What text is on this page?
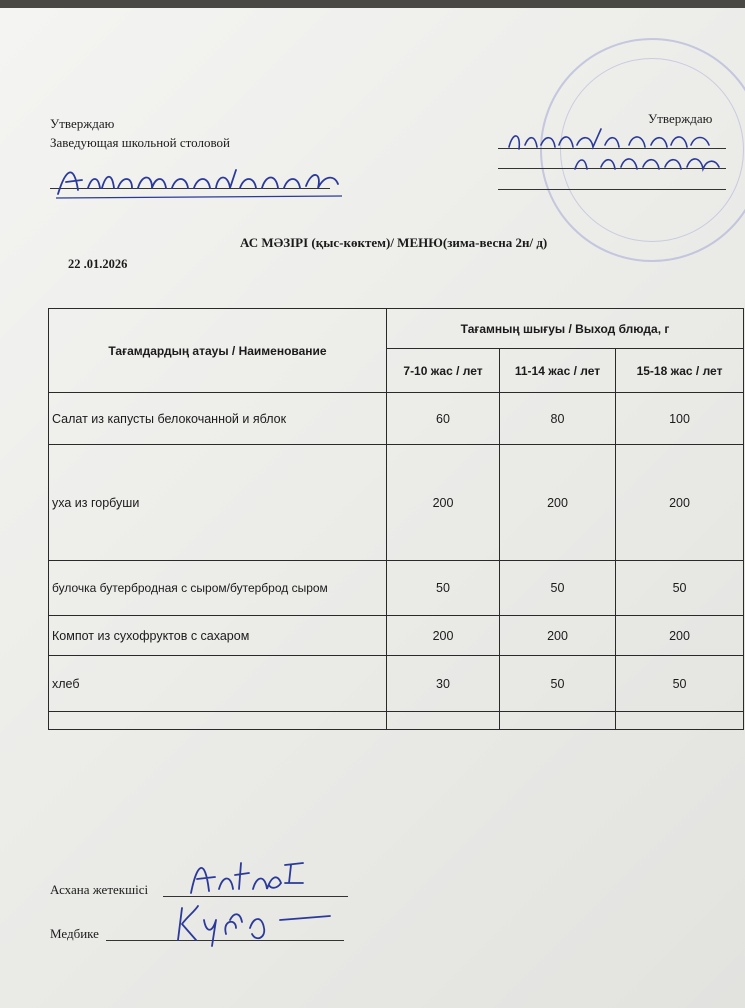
Утверждаю
Заведующая школьной столовой
Утверждаю
АС МӘЗІРІ (қыс-көктем)/ МЕНЮ(зима-весна 2н/ д)
22 .01.2026
Тағамдардың атауы / Наименование	Тағамның шығуы / Выход блюда, г		
	7-10 жас / лет	11-14 жас / лет	15-18 жас / лет
Салат из капусты белокочанной и яблок	60	80	100
уха из горбуши	200	200	200
булочка бутербродная с сыром/бутерброд сыром	50	50	50
Компот из сухофруктов с сахаром	200	200	200
хлеб	30	50	50

Асхана жетекшісі
Медбике
